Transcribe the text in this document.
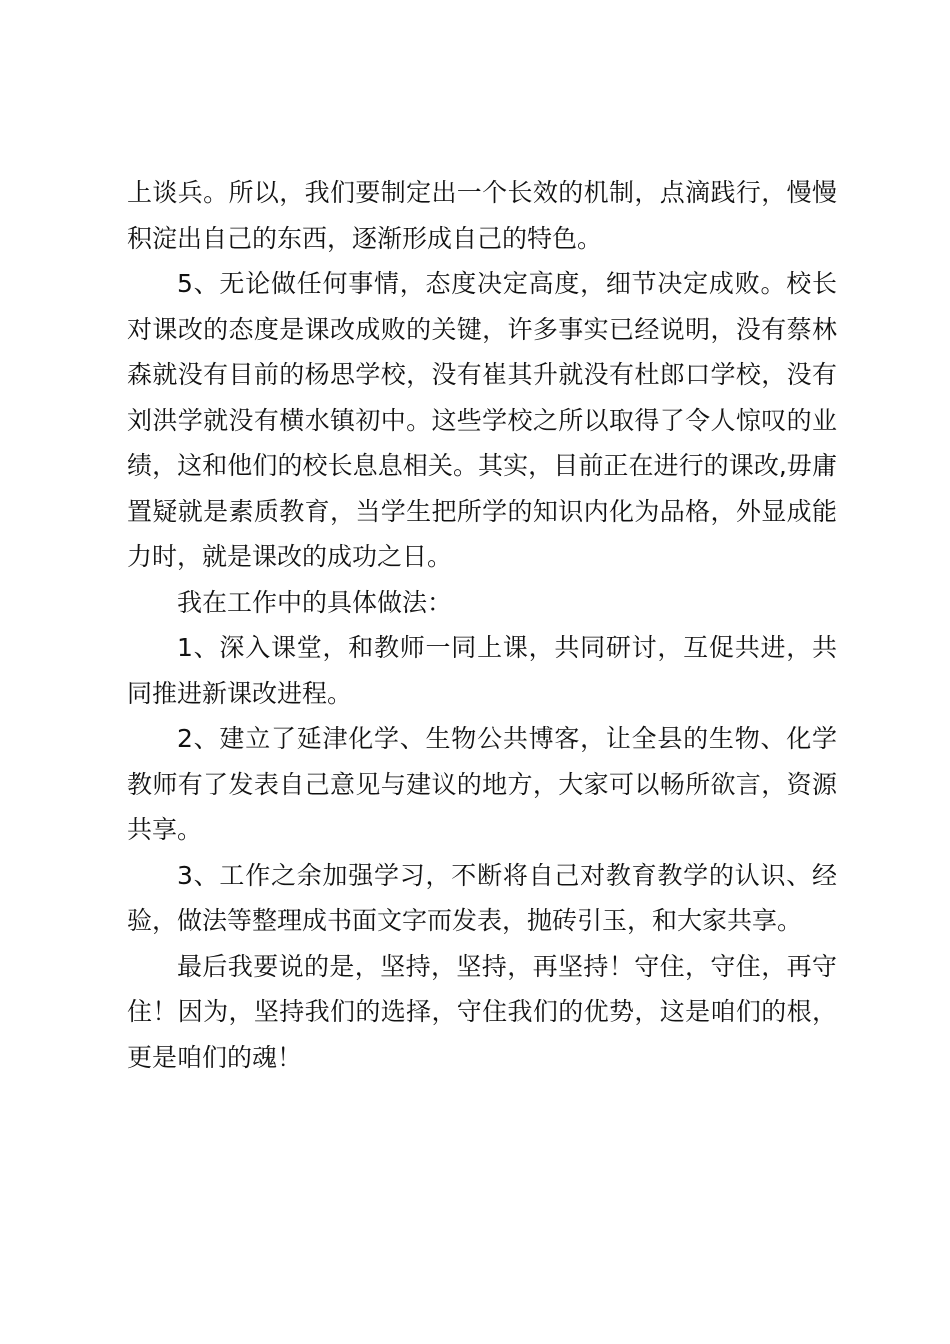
上谈兵。所以，我们要制定出一个长效的机制，点滴践行，慢慢积淀出自己的东西，逐渐形成自己的特色。

5、无论做任何事情，态度决定高度，细节决定成败。校长对课改的态度是课改成败的关键，许多事实已经说明，没有蔡林森就没有目前的杨思学校，没有崔其升就没有杜郎口学校，没有刘洪学就没有横水镇初中。这些学校之所以取得了令人惊叹的业绩，这和他们的校长息息相关。其实，目前正在进行的课改,毋庸置疑就是素质教育，当学生把所学的知识内化为品格，外显成能力时，就是课改的成功之日。

我在工作中的具体做法：

1、深入课堂，和教师一同上课，共同研讨，互促共进，共同推进新课改进程。

2、建立了延津化学、生物公共博客，让全县的生物、化学教师有了发表自己意见与建议的地方，大家可以畅所欲言，资源共享。

3、工作之余加强学习，不断将自己对教育教学的认识、经验，做法等整理成书面文字而发表，抛砖引玉，和大家共享。

最后我要说的是，坚持，坚持，再坚持！守住，守住，再守住！因为，坚持我们的选择，守住我们的优势，这是咱们的根，更是咱们的魂！
